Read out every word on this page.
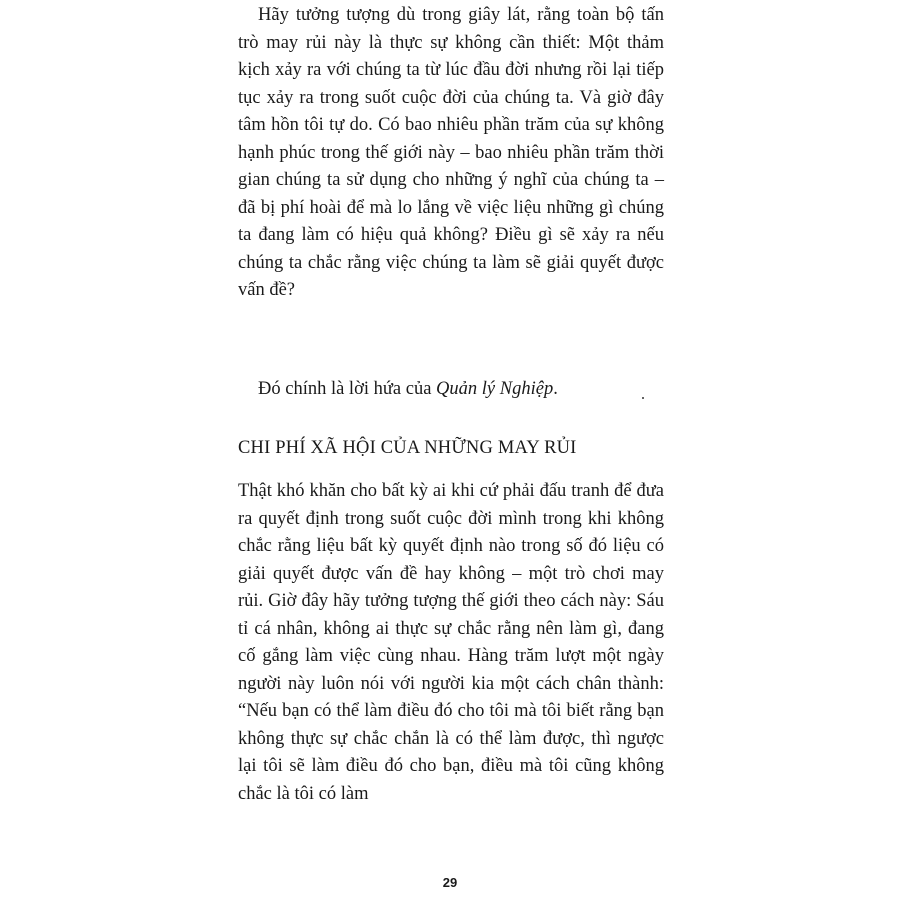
Hãy tưởng tượng dù trong giây lát, rằng toàn bộ tấn trò may rủi này là thực sự không cần thiết: Một thảm kịch xảy ra với chúng ta từ lúc đầu đời nhưng rồi lại tiếp tục xảy ra trong suốt cuộc đời của chúng ta. Và giờ đây tâm hồn tôi tự do. Có bao nhiêu phần trăm của sự không hạnh phúc trong thế giới này – bao nhiêu phần trăm thời gian chúng ta sử dụng cho những ý nghĩ của chúng ta – đã bị phí hoài để mà lo lắng về việc liệu những gì chúng ta đang làm có hiệu quả không? Điều gì sẽ xảy ra nếu chúng ta chắc rằng việc chúng ta làm sẽ giải quyết được vấn đề?

Đó chính là lời hứa của Quản lý Nghiệp.

CHI PHÍ XÃ HỘI CỦA NHỮNG MAY RỦI

Thật khó khăn cho bất kỳ ai khi cứ phải đấu tranh để đưa ra quyết định trong suốt cuộc đời mình trong khi không chắc rằng liệu bất kỳ quyết định nào trong số đó liệu có giải quyết được vấn đề hay không – một trò chơi may rủi. Giờ đây hãy tưởng tượng thế giới theo cách này: Sáu tỉ cá nhân, không ai thực sự chắc rằng nên làm gì, đang cố gắng làm việc cùng nhau. Hàng trăm lượt một ngày người này luôn nói với người kia một cách chân thành: “Nếu bạn có thể làm điều đó cho tôi mà tôi biết rằng bạn không thực sự chắc chắn là có thể làm được, thì ngược lại tôi sẽ làm điều đó cho bạn, điều mà tôi cũng không chắc là tôi có làm

29
